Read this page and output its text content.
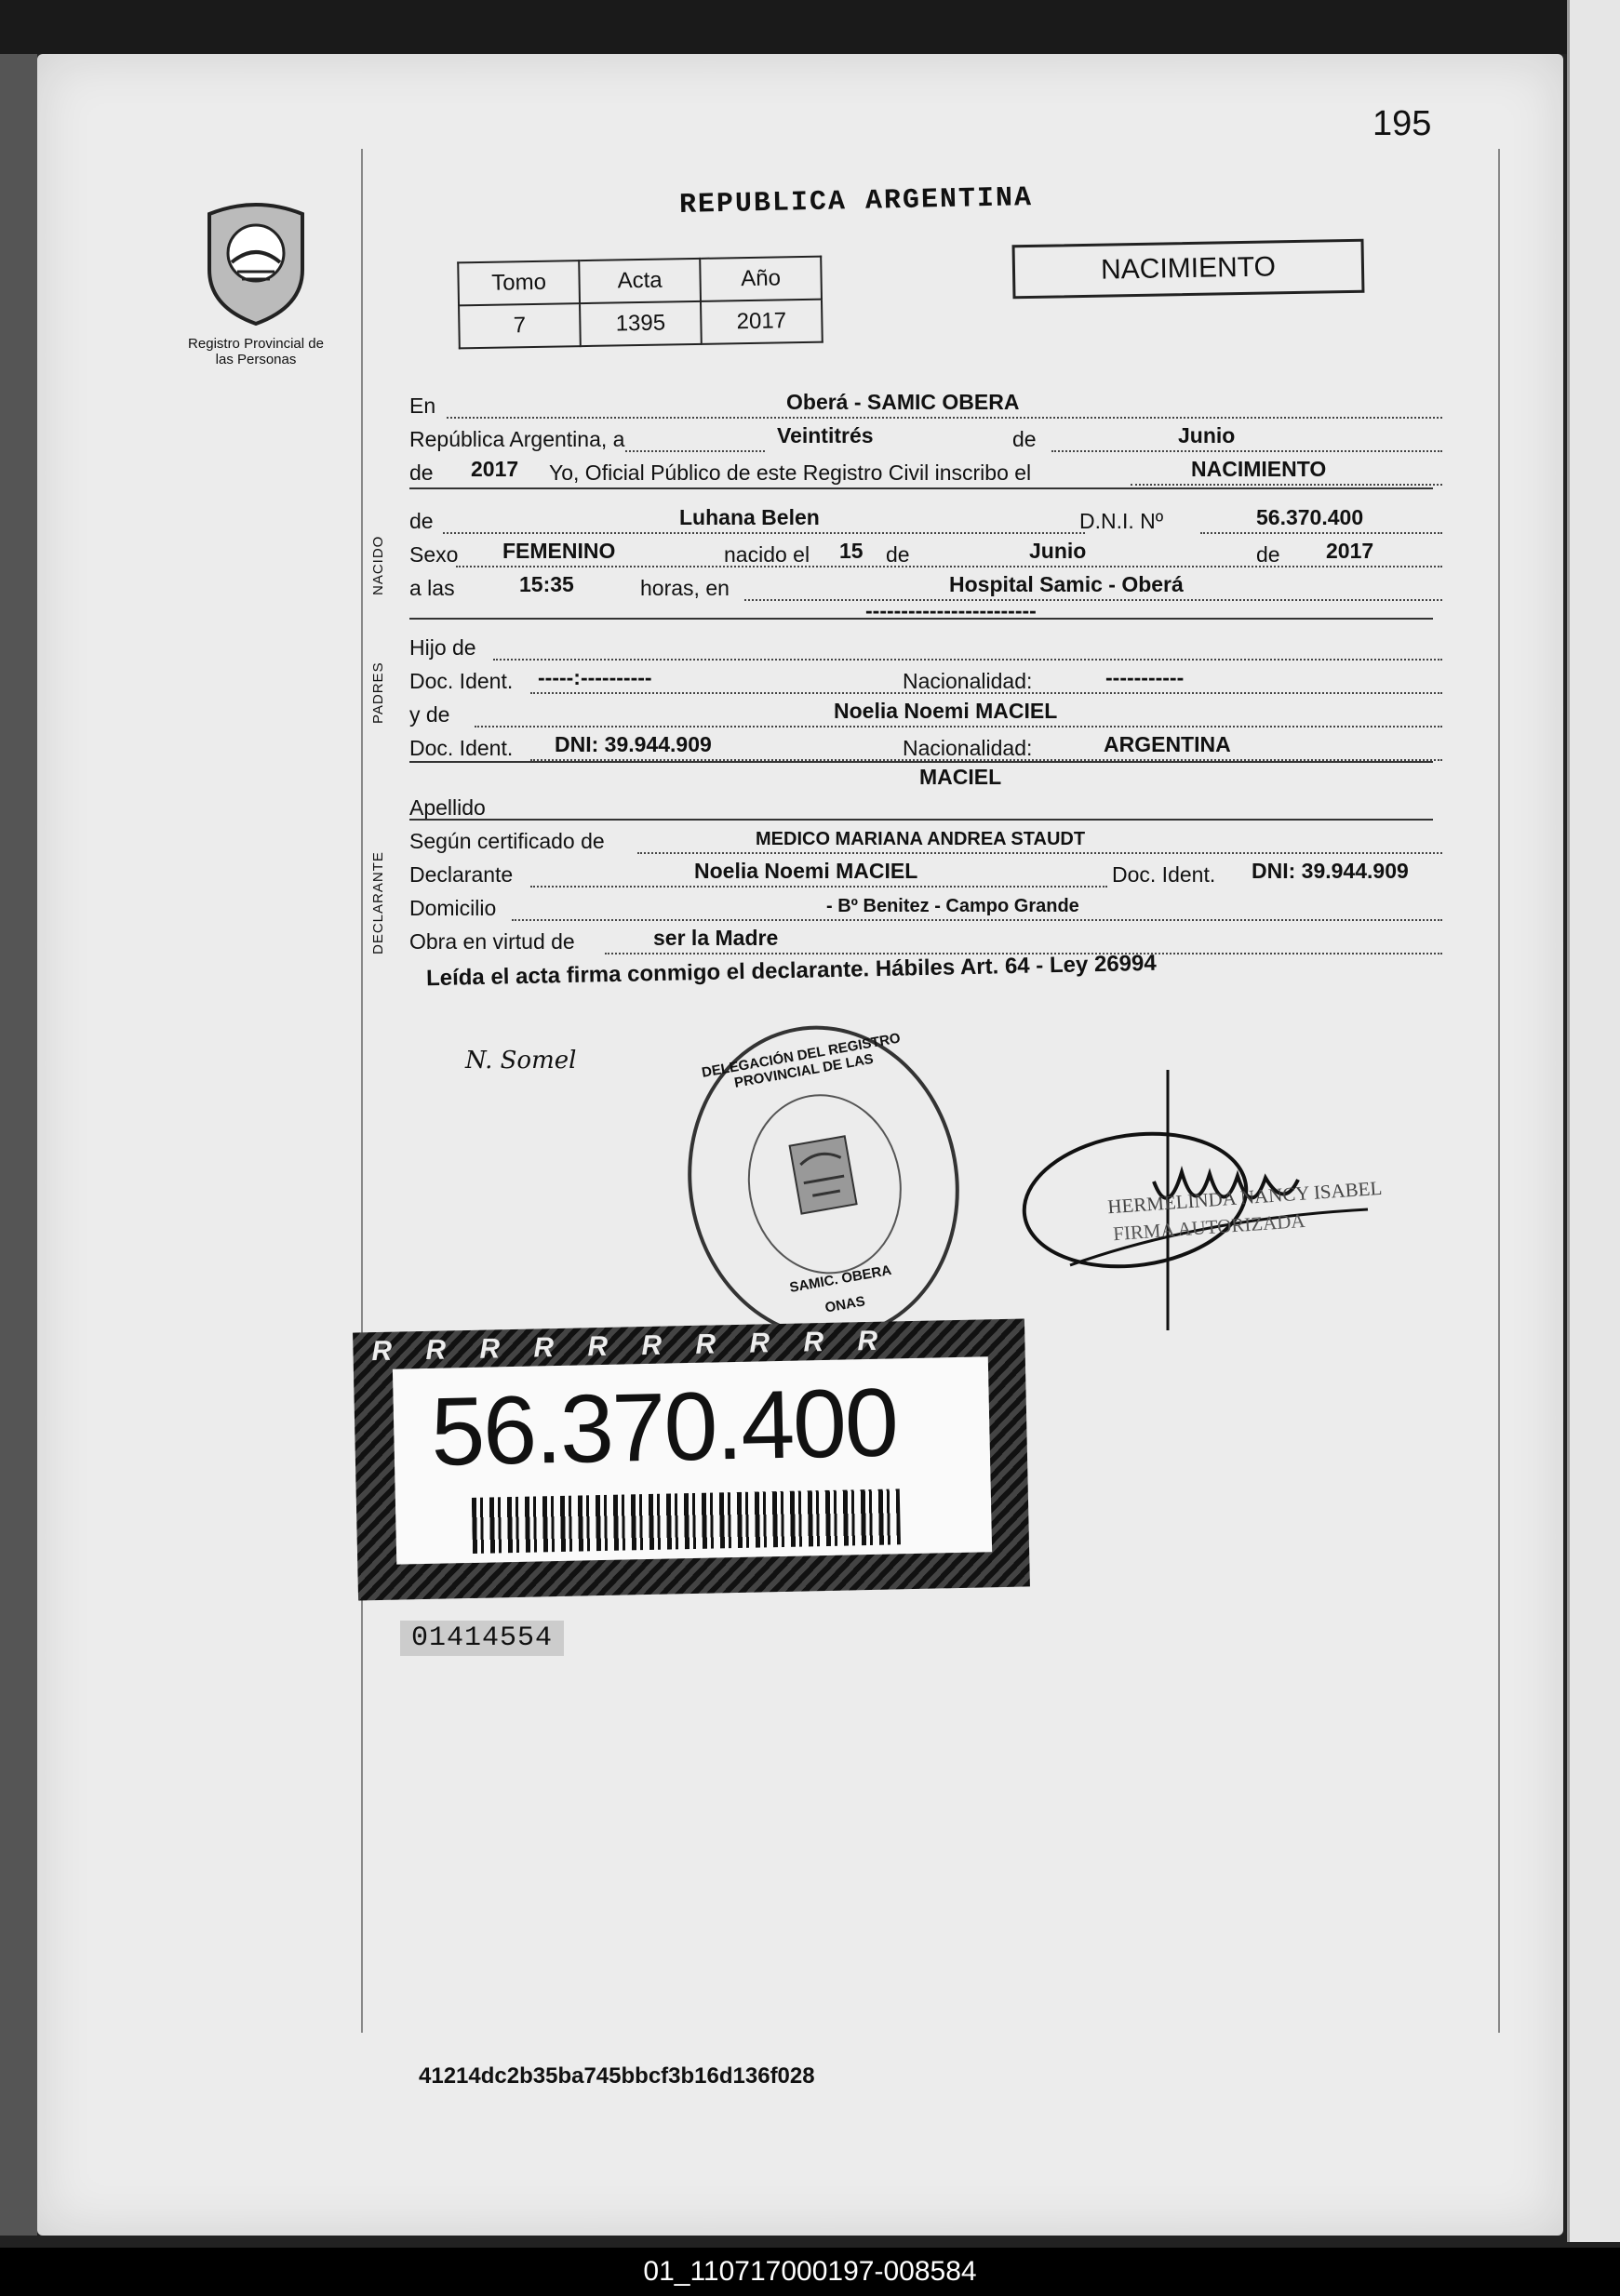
195
Registro Provincial de las Personas
REPUBLICA ARGENTINA
Tomo	Acta	Año
7	1395	2017
NACIMIENTO
En	Oberá - SAMIC OBERA
República Argentina, a	Veintitrés	de	Junio
de 2017 Yo, Oficial Público de este Registro Civil inscribo el	NACIMIENTO
NACIDO
de	Luhana Belen	D.N.I. Nº	56.370.400
Sexo FEMENINO	nacido el 15 de	Junio	de 2017
a las	15:35	horas, en	Hospital Samic - Oberá
------------------------
PADRES
Hijo de
Doc. Ident. -----:----------	Nacionalidad:	-----------
y de	Noelia Noemi MACIEL
Doc. Ident. DNI: 39.944.909	Nacionalidad:	ARGENTINA
MACIEL
Apellido
DECLARANTE
Según certificado de	MEDICO MARIANA ANDREA STAUDT
Declarante	Noelia Noemi MACIEL	Doc. Ident. DNI: 39.944.909
Domicilio	- Bº Benitez - Campo Grande
Obra en virtud de	ser la Madre
Leída el acta firma conmigo el declarante. Hábiles Art. 64 - Ley 26994
N. Somel	DELEGACIÓN DEL REGISTRO PROVINCIAL DE LAS
SAMIC. OBERA
ONAS
HERMELINDA NANCY ISABEL
FIRMA AUTORIZADA
R R R R R R R R R R
56.370.400
01414554
41214dc2b35ba745bbcf3b16d136f028
01_110717000197-008584
